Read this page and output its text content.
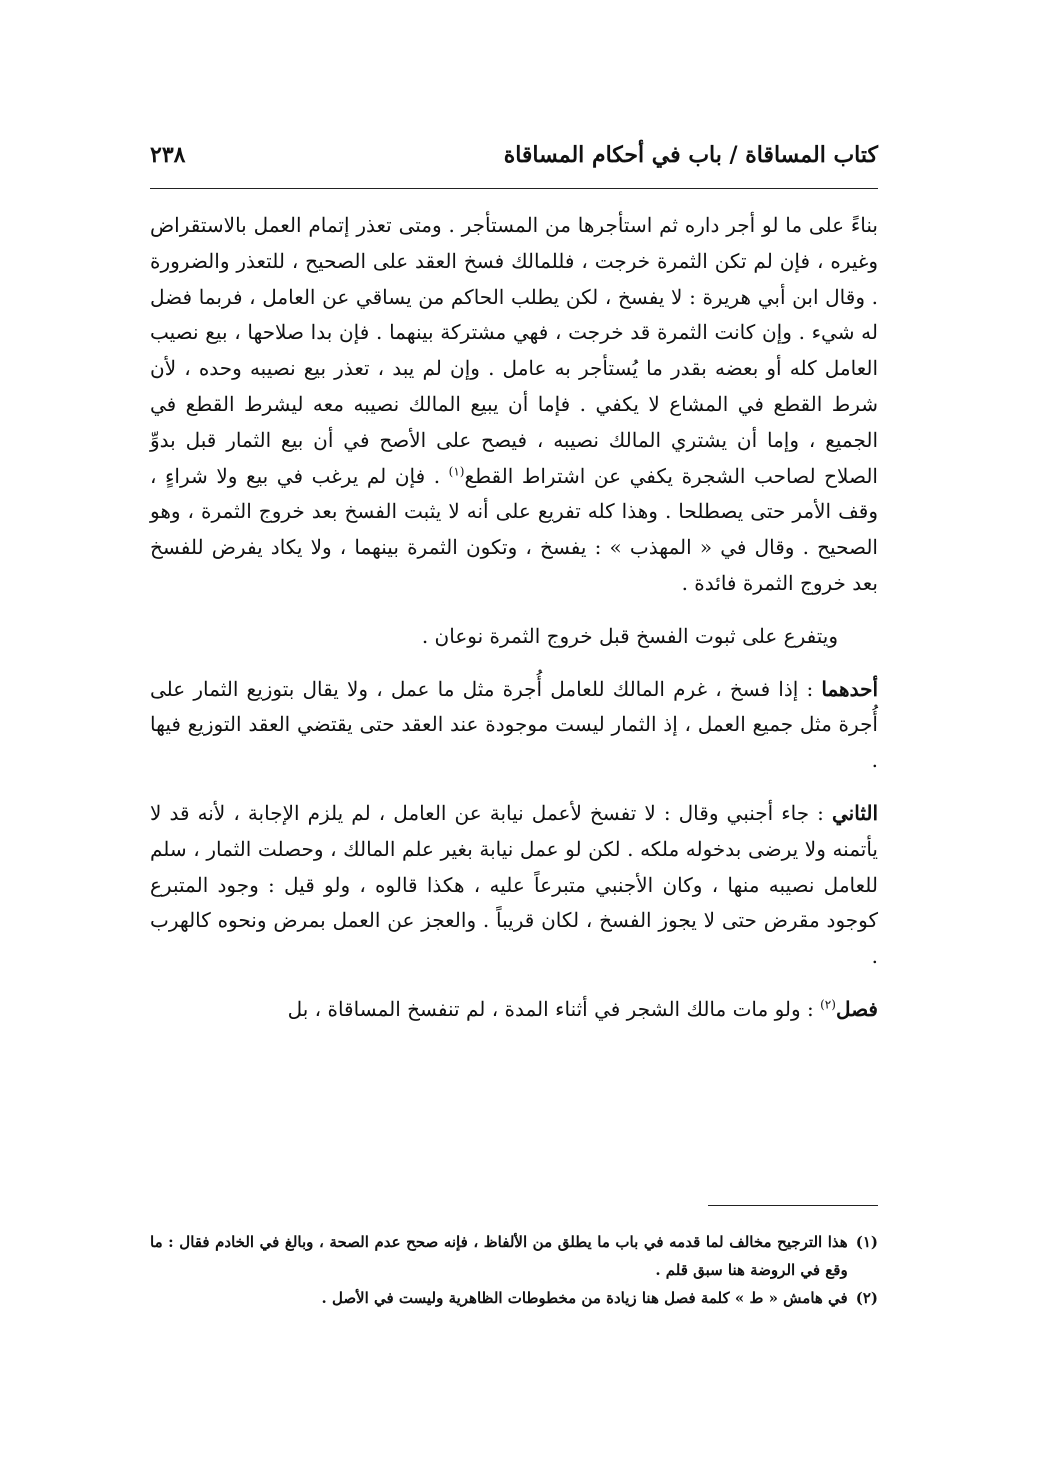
كتاب المساقاة / باب في أحكام المساقاة
٢٣٨

بناءً على ما لو أجر داره ثم استأجرها من المستأجر . ومتى تعذر إتمام العمل بالاستقراض وغيره ، فإن لم تكن الثمرة خرجت ، فللمالك فسخ العقد على الصحيح ، للتعذر والضرورة . وقال ابن أبي هريرة : لا يفسخ ، لكن يطلب الحاكم من يساقي عن العامل ، فربما فضل له شيء . وإن كانت الثمرة قد خرجت ، فهي مشتركة بينهما . فإن بدا صلاحها ، بيع نصيب العامل كله أو بعضه بقدر ما يُستأجر به عامل . وإن لم يبد ، تعذر بيع نصيبه وحده ، لأن شرط القطع في المشاع لا يكفي . فإما أن يبيع المالك نصيبه معه ليشرط القطع في الجميع ، وإما أن يشتري المالك نصيبه ، فيصح على الأصح في أن بيع الثمار قبل بدوِّ الصلاح لصاحب الشجرة يكفي عن اشتراط القطع$^{(١)}$ . فإن لم يرغب في بيع ولا شراءٍ ، وقف الأمر حتى يصطلحا . وهذا كله تفريع على أنه لا يثبت الفسخ بعد خروج الثمرة ، وهو الصحيح . وقال في « المهذب » : يفسخ ، وتكون الثمرة بينهما ، ولا يكاد يفرض للفسخ بعد خروج الثمرة فائدة .

ويتفرع على ثبوت الفسخ قبل خروج الثمرة نوعان .

أحدهما : إذا فسخ ، غرم المالك للعامل أُجرة مثل ما عمل ، ولا يقال بتوزيع الثمار على أُجرة مثل جميع العمل ، إذ الثمار ليست موجودة عند العقد حتى يقتضي العقد التوزيع فيها .

الثاني : جاء أجنبي وقال : لا تفسخ لأعمل نيابة عن العامل ، لم يلزم الإجابة ، لأنه قد لا يأتمنه ولا يرضى بدخوله ملكه . لكن لو عمل نيابة بغير علم المالك ، وحصلت الثمار ، سلم للعامل نصيبه منها ، وكان الأجنبي متبرعاً عليه ، هكذا قالوه ، ولو قيل : وجود المتبرع كوجود مقرض حتى لا يجوز الفسخ ، لكان قريباً . والعجز عن العمل بمرض ونحوه كالهرب .

فصل$^{(٢)}$ : ولو مات مالك الشجر في أثناء المدة ، لم تنفسخ المساقاة ، بل

(١)
هذا الترجيح مخالف لما قدمه في باب ما يطلق من الألفاظ ، فإنه صحح عدم الصحة ، وبالغ في الخادم فقال : ما وقع في الروضة هنا سبق قلم .

(٢)
في هامش « ط » كلمة فصل هنا زيادة من مخطوطات الظاهرية وليست في الأصل .
